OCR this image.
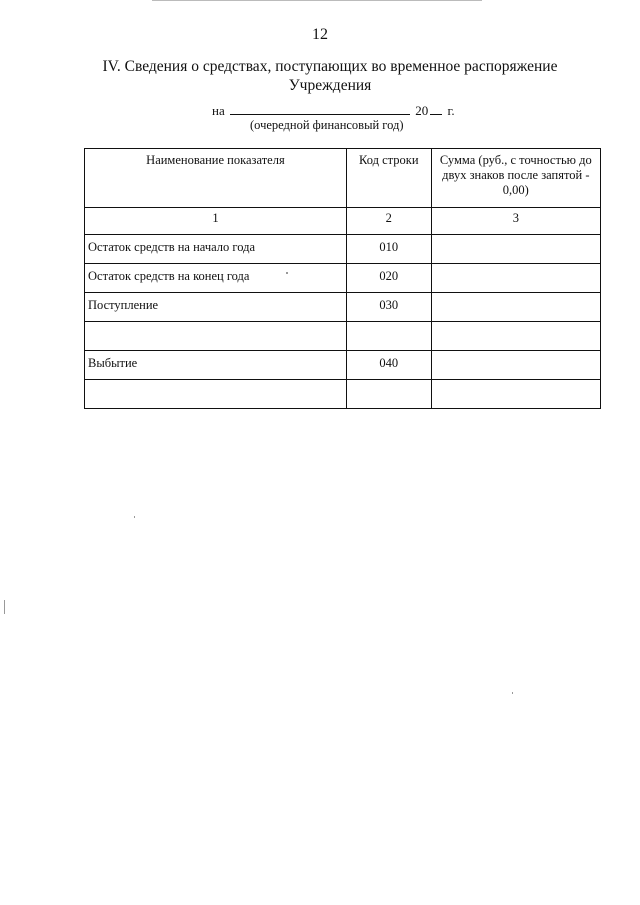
12
IV. Сведения о средствах, поступающих во временное распоряжение
Учреждения
на	20 г.
(очередной финансовый год)
Наименование показателя	Код строки	Сумма (руб., с точностью до двух знаков после запятой - 0,00)
1	2	3
Остаток средств на начало года	010	
Остаток средств на конец года	020	
Поступление	030	

Выбытие	040	
